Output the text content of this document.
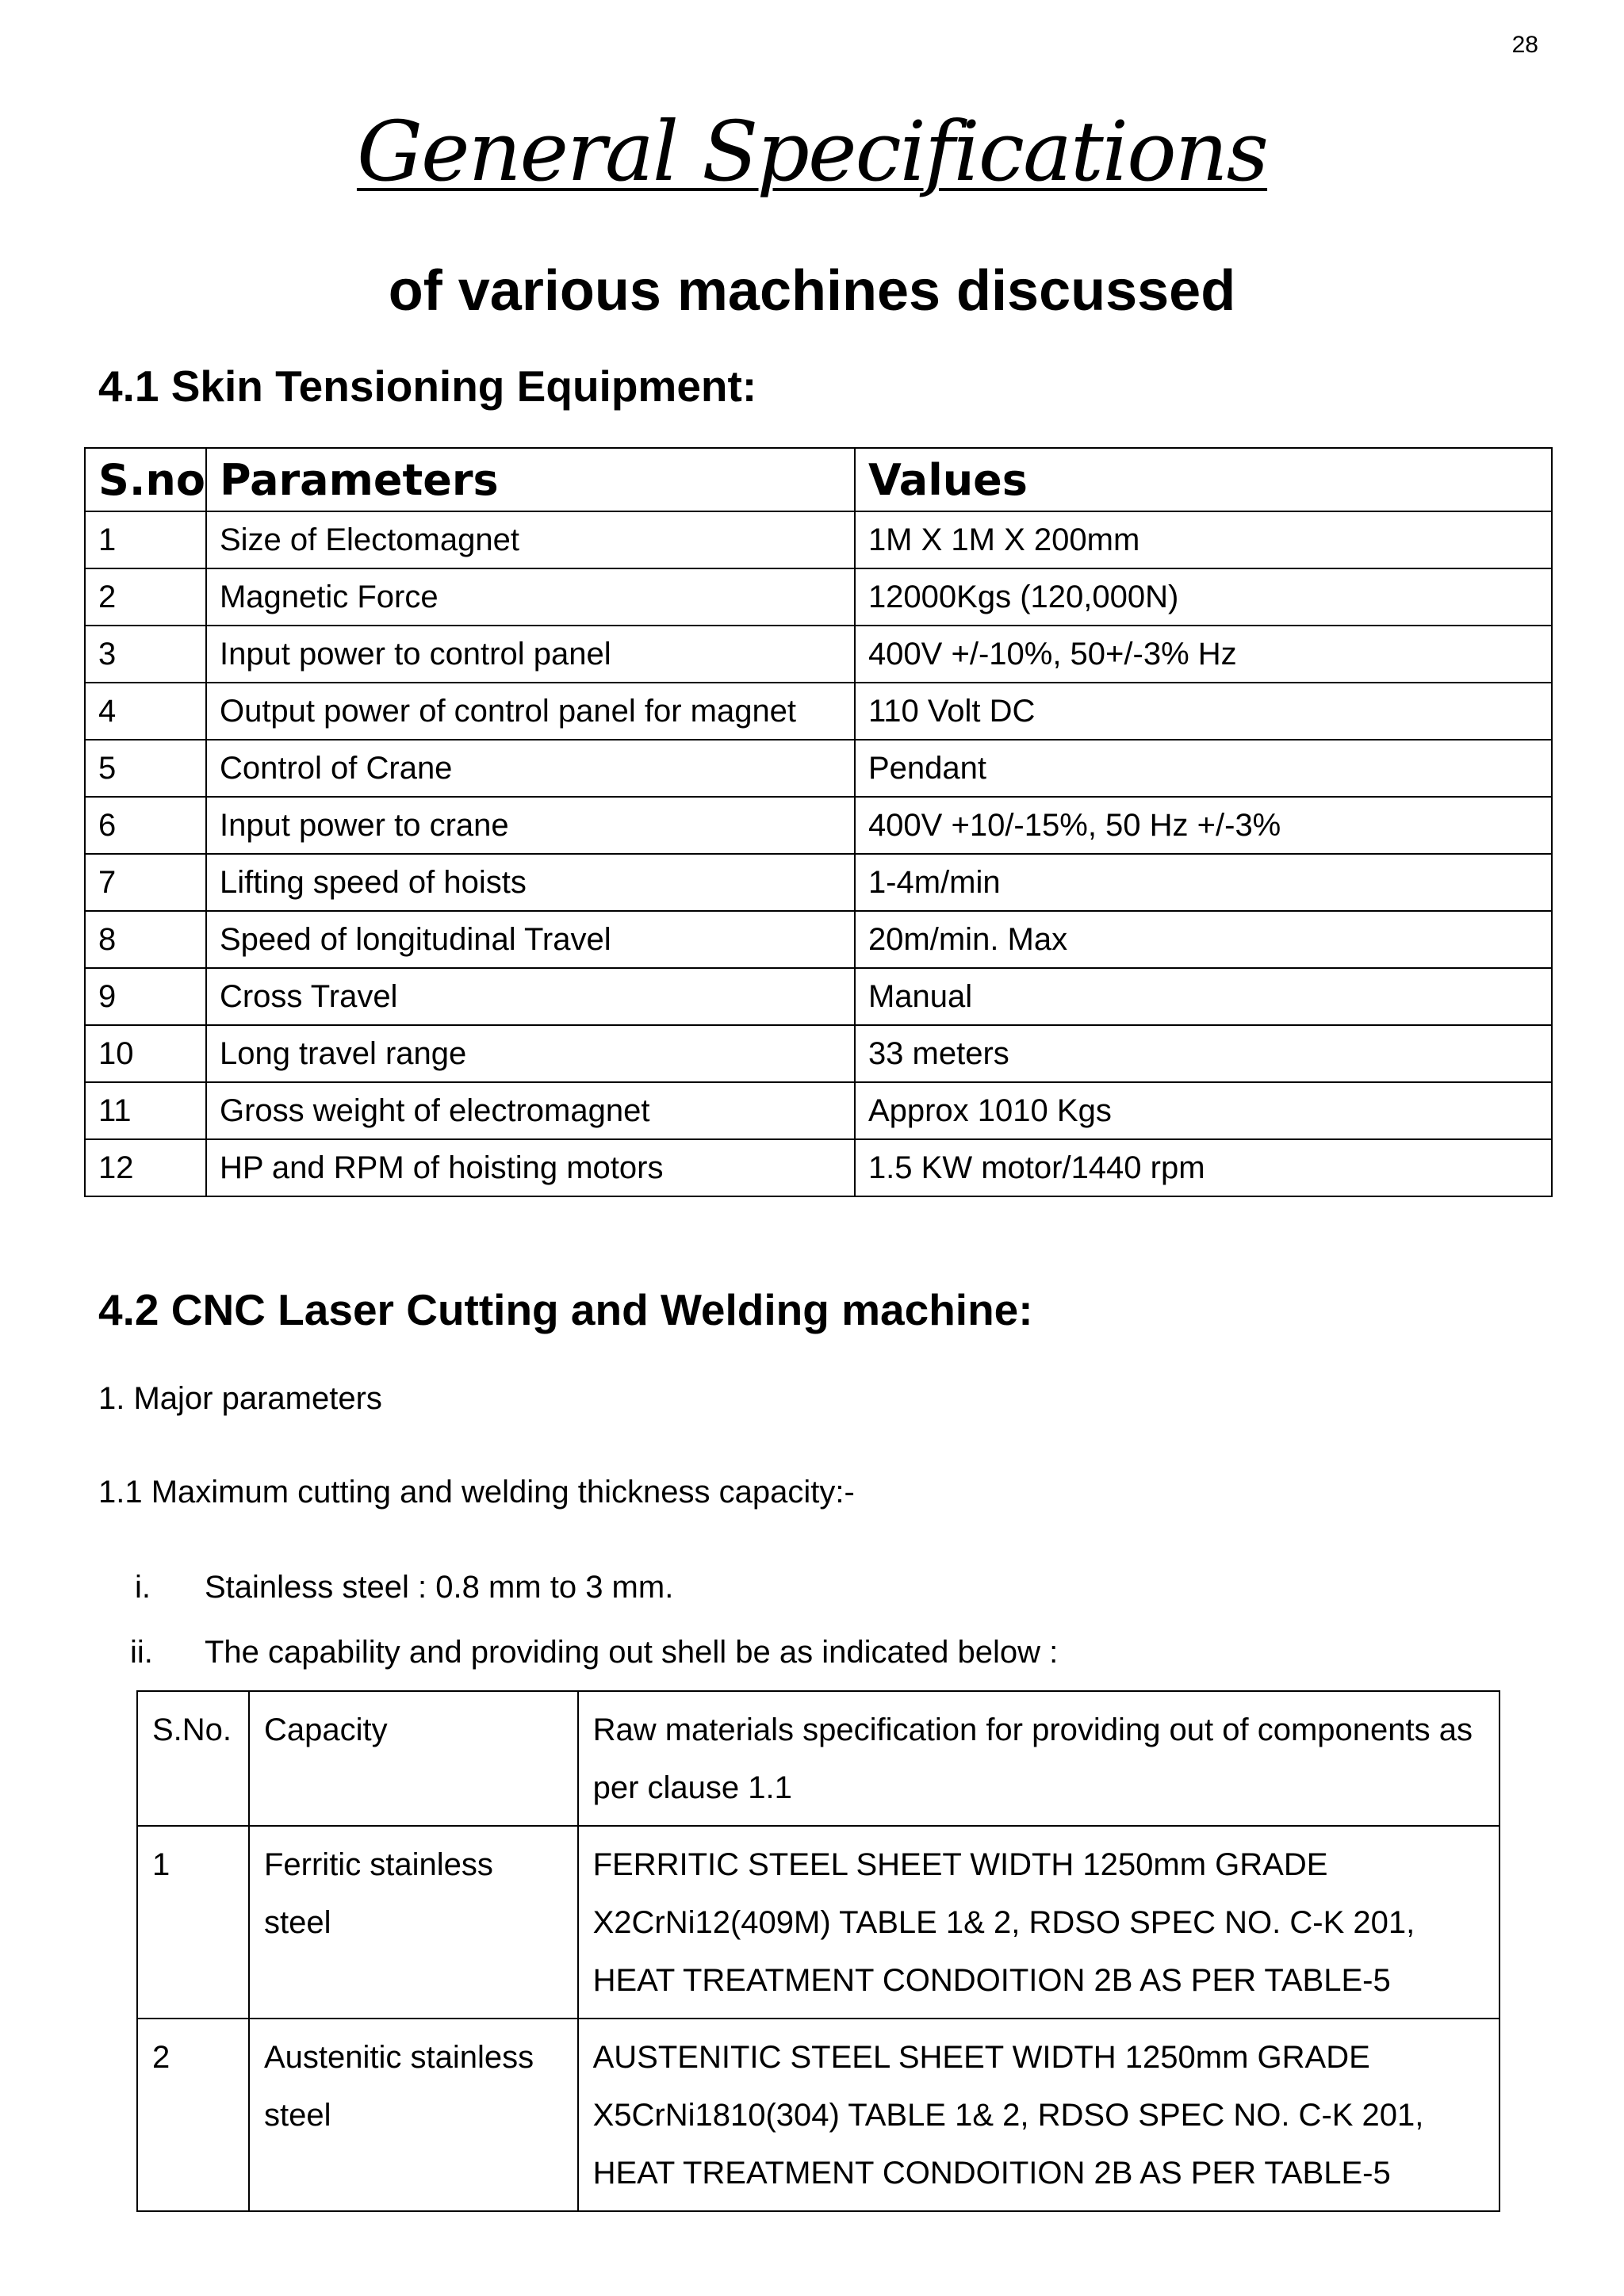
28
General Specifications
of various machines discussed
4.1 Skin Tensioning Equipment:
S.no	Parameters	Values
1	Size of Electomagnet	1M X 1M X 200mm
2	Magnetic Force	12000Kgs (120,000N)
3	Input power to control panel	400V +/-10%, 50+/-3% Hz
4	Output power of control panel for magnet	110 Volt DC
5	Control of Crane	Pendant
6	Input power to crane	400V +10/-15%, 50 Hz +/-3%
7	Lifting speed of hoists	1-4m/min
8	Speed of longitudinal Travel	20m/min. Max
9	Cross Travel	Manual
10	Long travel range	33 meters
11	Gross weight of electromagnet	Approx 1010 Kgs
12	HP and RPM of hoisting motors	1.5 KW motor/1440 rpm
4.2 CNC Laser Cutting and Welding machine:

1. Major parameters

1.1 Maximum cutting and welding thickness capacity:-

i. Stainless steel : 0.8 mm to 3 mm.
ii. The capability and providing out shell be as indicated below :
S.No.	Capacity	Raw materials specification for providing out of components as per clause 1.1
1	Ferritic stainless steel	FERRITIC STEEL SHEET WIDTH 1250mm GRADE X2CrNi12(409M) TABLE 1& 2, RDSO SPEC NO. C-K 201, HEAT TREATMENT CONDOITION 2B AS PER TABLE-5
2	Austenitic stainless steel	AUSTENITIC STEEL SHEET WIDTH 1250mm GRADE X5CrNi1810(304) TABLE 1& 2, RDSO SPEC NO. C-K 201, HEAT TREATMENT CONDOITION 2B AS PER TABLE-5
